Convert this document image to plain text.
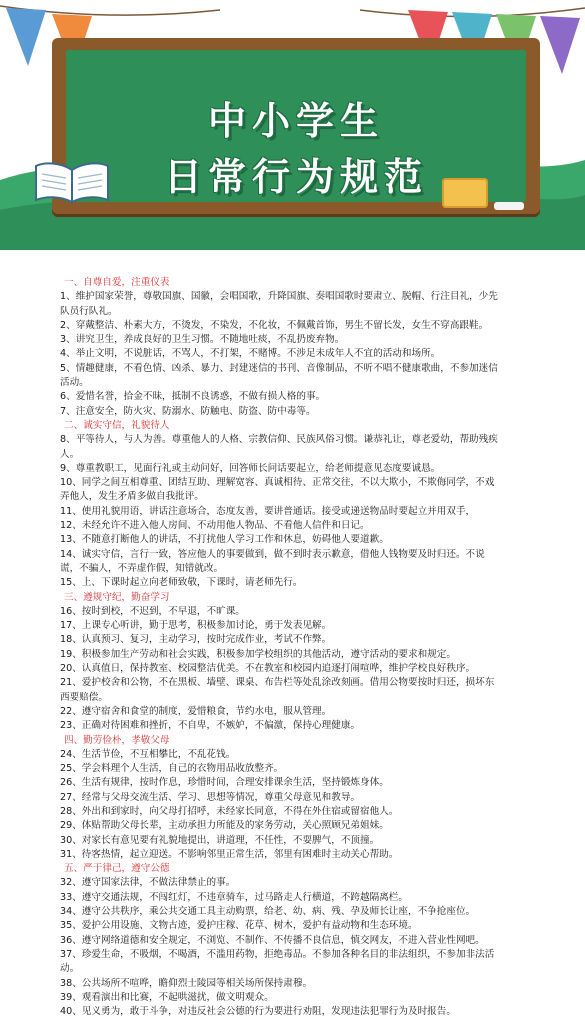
中小学生
日常行为规范
一、自尊自爱，注重仪表
1、维护国家荣誉，尊敬国旗、国徽，会唱国歌，升降国旗、奏唱国歌时要肃立、脱帽、行注目礼，少先
队员行队礼。
2、穿戴整洁、朴素大方，不烫发，不染发，不化妆，不佩戴首饰，男生不留长发，女生不穿高跟鞋。
3、讲究卫生，养成良好的卫生习惯。不随地吐痰，不乱扔废弃物。
4、举止文明，不说脏话，不骂人，不打架，不赌博。不涉足未成年人不宜的活动和场所。
5、情趣健康，不看色情、凶杀、暴力、封建迷信的书刊、音像制品，不听不唱不健康歌曲，不参加迷信
活动。
6、爱惜名誉，拾金不昧，抵制不良诱惑，不做有损人格的事。
7、注意安全，防火灾、防溺水、防触电、防盗、防中毒等。
二、诚实守信，礼貌待人
8、平等待人，与人为善。尊重他人的人格、宗教信仰、民族风俗习惯。谦恭礼让，尊老爱幼，帮助残疾
人。
9、尊重教职工，见面行礼或主动问好，回答师长问话要起立，给老师提意见态度要诚恳。
10、同学之间互相尊重、团结互助、理解宽容、真诚相待、正常交往，不以大欺小，不欺侮同学，不戏
弄他人，发生矛盾多做自我批评。
11、使用礼貌用语，讲话注意场合，态度友善，要讲普通话。接受或递送物品时要起立并用双手，
12、未经允许不进入他人房间、不动用他人物品、不看他人信件和日记。
13、不随意打断他人的讲话，不打扰他人学习工作和休息，妨碍他人要道歉。
14、诚实守信，言行一致，答应他人的事要做到，做不到时表示歉意，借他人钱物要及时归还。不说
谎，不骗人，不弄虚作假，知错就改。
15、上、下课时起立向老师致敬，下课时，请老师先行。
三、遵规守纪，勤奋学习
16、按时到校，不迟到，不早退，不旷课。
17、上课专心听讲，勤于思考，积极参加讨论，勇于发表见解。
18、认真预习、复习，主动学习，按时完成作业，考试不作弊。
19、积极参加生产劳动和社会实践，积极参加学校组织的其他活动，遵守活动的要求和规定。
20、认真值日，保持教室、校园整洁优美。不在教室和校园内追逐打闹喧哗，维护学校良好秩序。
21、爱护校舍和公物，不在黑板、墙壁、课桌、布告栏等处乱涂改刻画。借用公物要按时归还，损坏东
西要赔偿。
22、遵守宿舍和食堂的制度，爱惜粮食，节约水电，服从管理。
23、正确对待困难和挫折，不自卑，不嫉妒，不偏激，保持心理健康。
四、勤劳俭朴，孝敬父母
24、生活节俭，不互相攀比，不乱花钱。
25、学会料理个人生活，自己的衣物用品收放整齐。
26、生活有规律，按时作息，珍惜时间，合理安排课余生活，坚持锻炼身体。
27、经常与父母交流生活、学习、思想等情况，尊重父母意见和教导。
28、外出和到家时，向父母打招呼，未经家长同意，不得在外住宿或留宿他人。
29、体贴帮助父母长辈，主动承担力所能及的家务劳动，关心照顾兄弟姐妹。
30、对家长有意见要有礼貌地提出，讲道理，不任性，不耍脾气，不顶撞。
31、待客热情，起立迎送。不影响邻里正常生活，邻里有困难时主动关心帮助。
五、严于律己，遵守公德
32、遵守国家法律，不做法律禁止的事。
33、遵守交通法规，不闯红灯，不违章骑车，过马路走人行横道，不跨越隔离栏。
34、遵守公共秩序，乘公共交通工具主动购票，给老、幼、病、残、孕及师长让座，不争抢座位。
35、爱护公用设施、文物古迹，爱护庄稼、花草、树木，爱护有益动物和生态环境。
36、遵守网络道德和安全规定，不浏览、不制作、不传播不良信息，慎交网友，不进入营业性网吧。
37、珍爱生命，不吸烟，不喝酒，不滥用药物，拒绝毒品。不参加各种名目的非法组织，不参加非法活
动。
38、公共场所不喧哗，瞻仰烈士陵园等相关场所保持肃穆。
39、观看演出和比赛，不起哄滋扰，做文明观众。
40、见义勇为，敢于斗争，对违反社会公德的行为要进行劝阻，发现违法犯罪行为及时报告。
